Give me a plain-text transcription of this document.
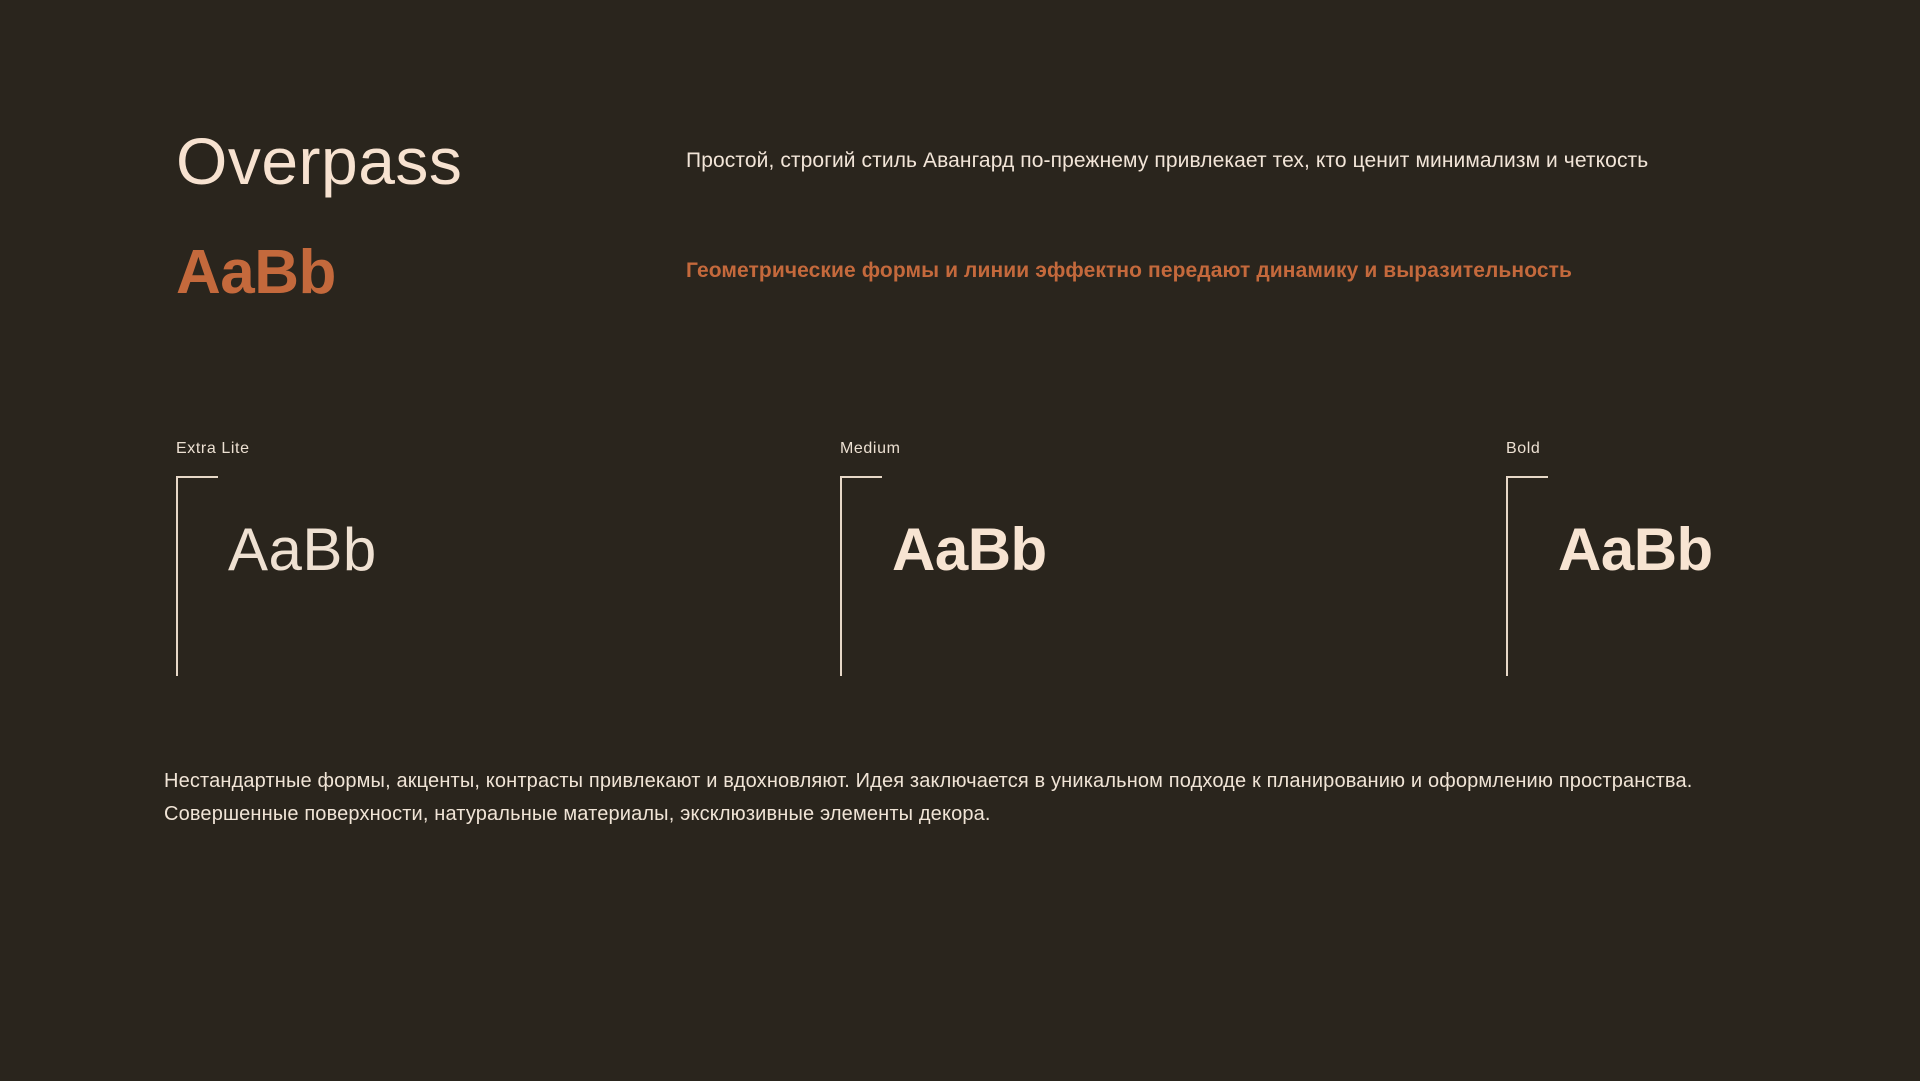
Overpass
AaBb

Простой, строгий стиль Авангард по-прежнему привлекает тех, кто ценит минимализм и четкость

Геометрические формы и линии эффектно передают динамику и выразительность

Extra Lite
AaBb
Medium
AaBb
Bold
AaBb

Нестандартные формы, акценты, контрасты привлекают и вдохновляют. Идея заключается в уникальном подходе к планированию и оформлению пространства. Совершенные поверхности, натуральные материалы, эксклюзивные элементы декора.
